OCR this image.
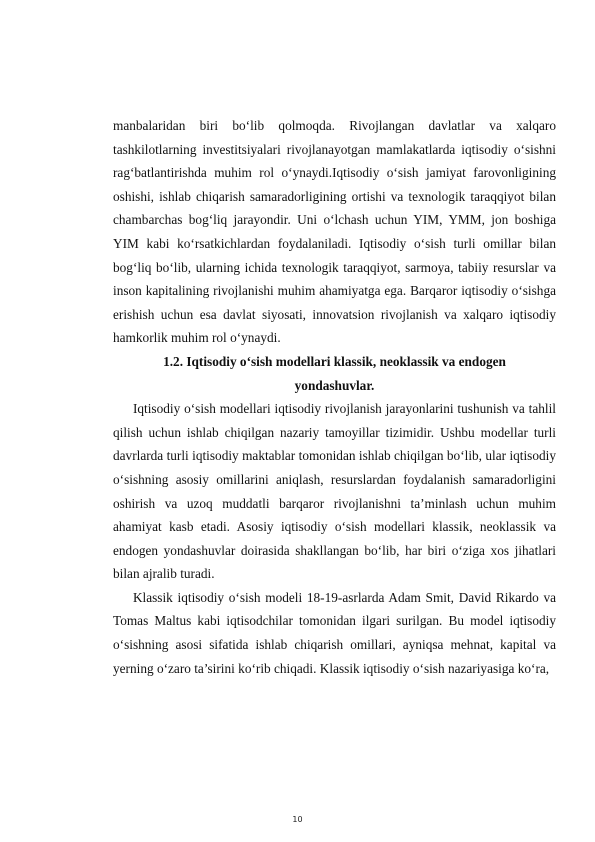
manbalaridan biri bo‘lib qolmoqda. Rivojlangan davlatlar va xalqaro tashkilotlarning investitsiyalari rivojlanayotgan mamlakatlarda iqtisodiy o‘sishni rag‘batlantirishda muhim rol o‘ynaydi.Iqtisodiy o‘sish jamiyat farovonligining oshishi, ishlab chiqarish samaradorligining ortishi va texnologik taraqqiyot bilan chambarchas bog‘liq jarayondir. Uni o‘lchash uchun YIM, YMM, jon boshiga YIM kabi ko‘rsatkichlardan foydalaniladi. Iqtisodiy o‘sish turli omillar bilan bog‘liq bo‘lib, ularning ichida texnologik taraqqiyot, sarmoya, tabiiy resurslar va inson kapitalining rivojlanishi muhim ahamiyatga ega. Barqaror iqtisodiy o‘sishga erishish uchun esa davlat siyosati, innovatsion rivojlanish va xalqaro iqtisodiy hamkorlik muhim rol o‘ynaydi.

1.2. Iqtisodiy o‘sish modellari klassik, neoklassik va endogen yondashuvlar.

Iqtisodiy o‘sish modellari iqtisodiy rivojlanish jarayonlarini tushunish va tahlil qilish uchun ishlab chiqilgan nazariy tamoyillar tizimidir. Ushbu modellar turli davrlarda turli iqtisodiy maktablar tomonidan ishlab chiqilgan bo‘lib, ular iqtisodiy o‘sishning asosiy omillarini aniqlash, resurslardan foydalanish samaradorligini oshirish va uzoq muddatli barqaror rivojlanishni ta’minlash uchun muhim ahamiyat kasb etadi. Asosiy iqtisodiy o‘sish modellari klassik, neoklassik va endogen yondashuvlar doirasida shakllangan bo‘lib, har biri o‘ziga xos jihatlari bilan ajralib turadi.

Klassik iqtisodiy o‘sish modeli 18-19-asrlarda Adam Smit, David Rikardo va Tomas Maltus kabi iqtisodchilar tomonidan ilgari surilgan. Bu model iqtisodiy o‘sishning asosi sifatida ishlab chiqarish omillari, ayniqsa mehnat, kapital va yerning o‘zaro ta’sirini ko‘rib chiqadi. Klassik iqtisodiy o‘sish nazariyasiga ko‘ra,

10
